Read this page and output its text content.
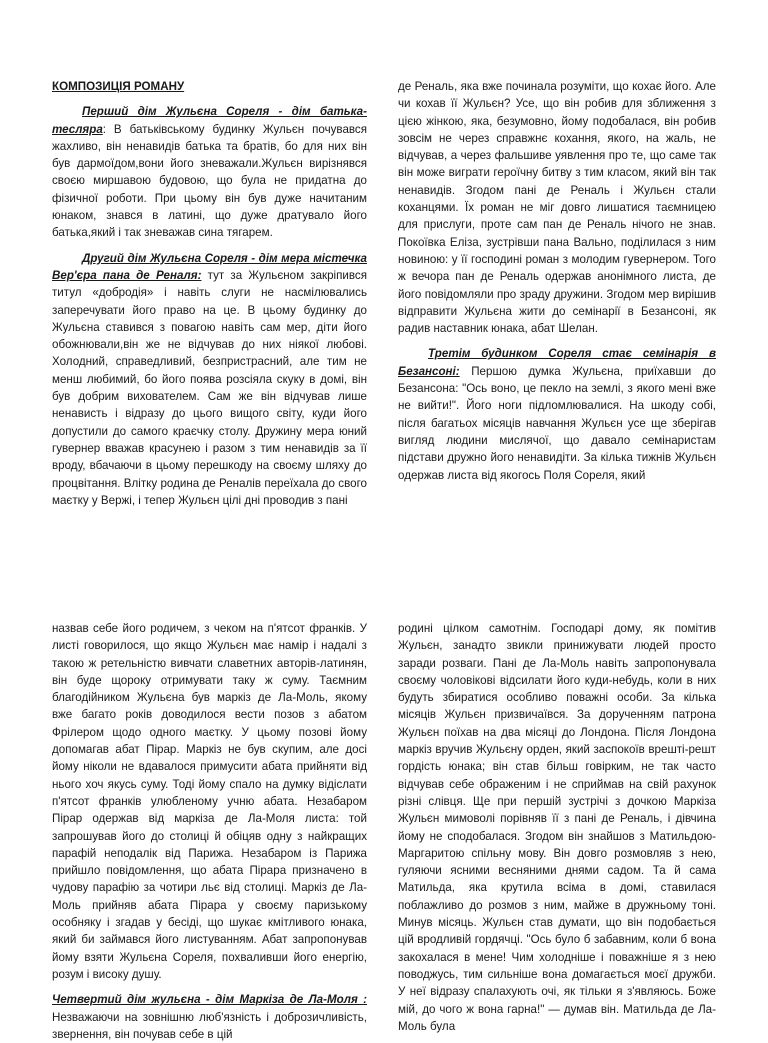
КОМПОЗИЦІЯ РОМАНУ

Перший дім Жульєна Сореля - дім батька-тесляра: В батьківському будинку Жульєн почувався жахливо, він ненавидів батька та братів, бо для них він був дармоїдом,вони його зневажали.Жульєн вирізнявся своєю миршавою будовою, що була не придатна до фізичної роботи. При цьому він був дуже начитаним юнаком, знався в латині, що дуже дратувало його батька,який і так зневажав сина тягарем.

Другий дім Жульєна Сореля - дім мера містечка Вер'єра пана де Реналя: тут за Жульєном закріпився титул «добродія» і навіть слуги не насмілювались заперечувати його право на це. В цьому будинку до Жульєна ставився з повагою навіть сам мер, діти його обожнювали,він же не відчував до них ніякої любові. Холодний, справедливий, безпристрасний, але тим не менш любимий, бо його поява розсіяла скуку в домі, він був добрим вихователем. Сам же він відчував лише ненависть і відразу до цього вищого світу, куди його допустили до самого краєчку столу. Дружину мера юний гувернер вважав красунею і разом з тим ненавидів за її вроду, вбачаючи в цьому перешкоду на своєму шляху до процвітання. Влітку родина де Реналів переїхала до свого маєтку у Вержі, і тепер Жульєн цілі дні проводив з пані

де Реналь, яка вже починала розуміти, що кохає його. Але чи кохав її Жульєн? Усе, що він робив для зближення з цією жінкою, яка, безумовно, йому подобалася, він робив зовсім не через справжнє кохання, якого, на жаль, не відчував, а через фальшиве уявлення про те, що саме так він може виграти героїчну битву з тим класом, який він так ненавидів. Згодом пані де Реналь і Жульєн стали коханцями. Їх роман не міг довго лишатися таємницею для прислуги, проте сам пан де Реналь нічого не знав. Покоївка Еліза, зустрівши пана Вально, поділилася з ним новиною: у її господині роман з молодим гувернером. Того ж вечора пан де Реналь одержав анонімного листа, де його повідомляли про зраду дружини. Згодом мер вирішив відправити Жульєна жити до семінарії в Безансоні, як радив наставник юнака, абат Шелан.

Третім будинком Сореля стає семінарія в Безансоні: Першою думка Жульєна, приїхавши до Безансона: "Ось воно, це пекло на землі, з якого мені вже не вийти!". Його ноги підломлювалися. На шкоду собі, після багатьох місяців навчання Жульєн усе ще зберігав вигляд людини мислячої, що давало семінаристам підстави дружно його ненавидіти. За кілька тижнів Жульєн одержав листа від якогось Поля Сореля, який

назвав себе його родичем, з чеком на п'ятсот франків. У листі говорилося, що якщо Жульєн має намір і надалі з такою ж ретельністю вивчати славетних авторів-латинян, він буде щороку отримувати таку ж суму. Таємним благодійником Жульєна був маркіз де Ла-Моль, якому вже багато років доводилося вести позов з абатом Фрілером щодо одного маєтку. У цьому позові йому допомагав абат Пірар. Маркіз не був скупим, але досі йому ніколи не вдавалося примусити абата прийняти від нього хоч якусь суму. Тоді йому спало на думку відіслати п'ятсот франків улюбленому учню абата. Незабаром Пірар одержав від маркіза де Ла-Моля листа: той запрошував його до столиці й обіцяв одну з найкращих парафій неподалік від Парижа. Незабаром із Парижа прийшло повідомлення, що абата Пірара призначено в чудову парафію за чотири льє від столиці. Маркіз де Ла-Моль прийняв абата Пірара у своєму паризькому особняку і згадав у бесіді, що шукає кмітливого юнака, який би займався його листуванням. Абат запропонував йому взяти Жульєна Сореля, похваливши його енергію, розум і високу душу.

Четвертий дім жульєна - дім Маркіза де Ла-Моля : Незважаючи на зовнішню люб'язність і доброзичливість, звернення, він почував себе в цій

родині цілком самотнім. Господарі дому, як помітив Жульєн, занадто звикли принижувати людей просто заради розваги. Пані де Ла-Моль навіть запропонувала своєму чоловікові відсилати його куди-небудь, коли в них будуть збиратися особливо поважні особи. За кілька місяців Жульєн призвичаївся. За дорученням патрона Жульєн поїхав на два місяці до Лондона. Після Лондона маркіз вручив Жульєну орден, який заспокоїв врешті-решт гордість юнака; він став більш говірким, не так часто відчував себе ображеним і не сприймав на свій рахунок різні слівця. Ще при першій зустрічі з дочкою Маркіза Жульєн мимоволі порівняв її з пані де Реналь, і дівчина йому не сподобалася. Згодом він знайшов з Матильдою-Маргаритою спільну мову. Він довго розмовляв з нею, гуляючи ясними весняними днями садом. Та й сама Матильда, яка крутила всіма в домі, ставилася поблажливо до розмов з ним, майже в дружньому тоні. Минув місяць. Жульєн став думати, що він подобається цій вродливій гордячці. "Ось було б забавним, коли б вона закохалася в мене! Чим холодніше і поважніше я з нею поводжусь, тим сильніше вона домагається моєї дружби. У неї відразу спалахують очі, як тільки я з'являюсь. Боже мій, до чого ж вона гарна!" — думав він. Матильда де Ла-Моль була
